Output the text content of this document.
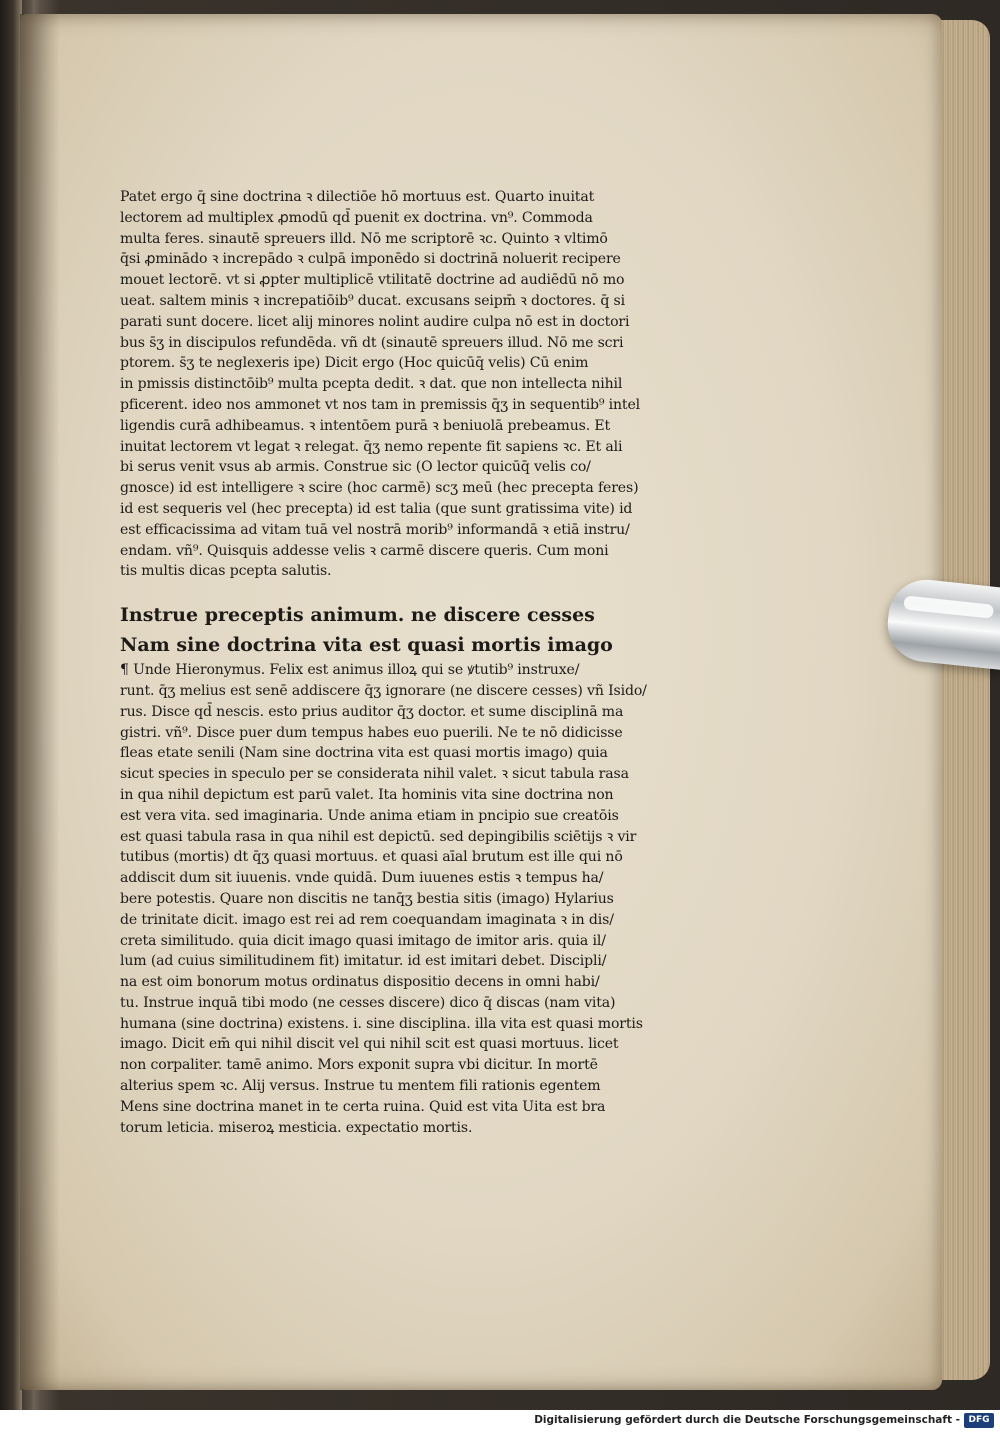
Patet ergo q̄ sine doctrina ꝛ dilectiōe hō mortuus est. Quarto inuitat
lectorem ad multiplex ꝓmodū qd̄ puenit ex doctrina. vn⁹. Commoda
multa feres. sinautē spreuers illd. Nō me scriptorē ꝛc. Quinto ꝛ vltimō
q̄si ꝓminādo ꝛ increpādo ꝛ culpā imponēdo si doctrinā noluerit recipere
mouet lectorē. vt si ꝓpter multiplicē vtilitatē doctrine ad audiēdū nō mo
ueat. saltem minis ꝛ increpatiōib⁹ ducat. excusans seipm̄ ꝛ doctores. q̄ si
parati sunt docere. licet alij minores nolint audire culpa nō est in doctori
bus s̄ʒ in discipulos refundēda. vñ dt (sinautē spreuers illud. Nō me scri
ptorem. s̄ʒ te neglexeris ipe) Dicit ergo (Hoc quicūq̄ velis) Cū enim
in pmissis distinctōib⁹ multa pcepta dedit. ꝛ dat. que non intellecta nihil
pficerent. ideo nos ammonet vt nos tam in premissis q̄ʒ in sequentib⁹ intel
ligendis curā adhibeamus. ꝛ intentōem purā ꝛ beniuolā prebeamus. Et
inuitat lectorem vt legat ꝛ relegat. q̄ʒ nemo repente fit sapiens ꝛc. Et ali
bi serus venit vsus ab armis. Construe sic (O lector quicūq̄ velis co/
gnosce) id est intelligere ꝛ scire (hoc carmē) scʒ meū (hec precepta feres)
id est sequeris vel (hec precepta) id est talia (que sunt gratissima vite) id
est efficacissima ad vitam tuā vel nostrā morib⁹ informandā ꝛ etiā instru/
endam. vñ⁹. Quisquis addesse velis ꝛ carmē discere queris. Cum moni
tis multis dicas pcepta salutis.
Instrue preceptis animum. ne discere cesses
Nam sine doctrina vita est quasi mortis imago
¶ Unde Hieronymus. Felix est animus illoꝝ qui se ꝟtutib⁹ instruxe/
runt. q̄ʒ melius est senē addiscere q̄ʒ ignorare (ne discere cesses) vñ Isido/
rus. Disce qd̄ nescis. esto prius auditor q̄ʒ doctor. et sume disciplinā ma
gistri. vñ⁹. Disce puer dum tempus habes euo puerili. Ne te nō didicisse
fleas etate senili (Nam sine doctrina vita est quasi mortis imago) quia
sicut species in speculo per se considerata nihil valet. ꝛ sicut tabula rasa
in qua nihil depictum est parū valet. Ita hominis vita sine doctrina non
est vera vita. sed imaginaria. Unde anima etiam in pncipio sue creatōis
est quasi tabula rasa in qua nihil est depictū. sed depingibilis sciētijs ꝛ vir
tutibus (mortis) dt q̄ʒ quasi mortuus. et quasi aīal brutum est ille qui nō
addiscit dum sit iuuenis. vnde quidā. Dum iuuenes estis ꝛ tempus ha/
bere potestis. Quare non discitis ne tanq̄ʒ bestia sitis (imago) Hylarius
de trinitate dicit. imago est rei ad rem coequandam imaginata ꝛ in dis/
creta similitudo. quia dicit imago quasi imitago de imitor aris. quia il/
lum (ad cuius similitudinem fit) imitatur. id est imitari debet. Discipli/
na est oim bonorum motus ordinatus dispositio decens in omni habi/
tu. Instrue inquā tibi modo (ne cesses discere) dico q̄ discas (nam vita)
humana (sine doctrina) existens. i. sine disciplina. illa vita est quasi mortis
imago. Dicit em̄ qui nihil discit vel qui nihil scit est quasi mortuus. licet
non corpaliter. tamē animo. Mors exponit supra vbi dicitur. In mortē
alterius spem ꝛc. Alij versus. Instrue tu mentem fili rationis egentem
Mens sine doctrina manet in te certa ruina. Quid est vita Uita est bra
torum leticia. miseroꝝ mesticia. expectatio mortis.
Digitalisierung gefördert durch die Deutsche Forschungsgemeinschaft - DFG
